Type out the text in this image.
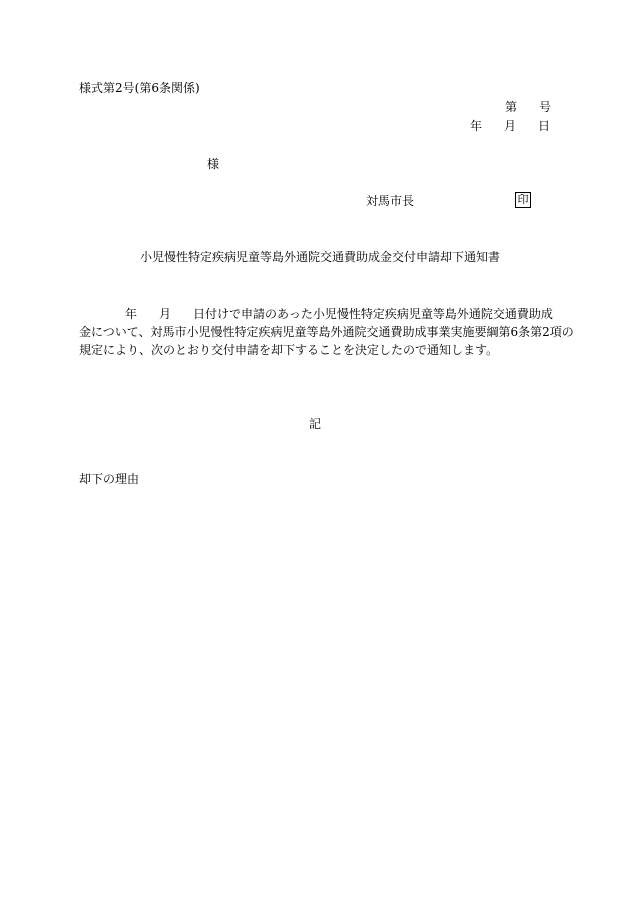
様式第2号(第6条関係)
第 号
年 月 日
様
対馬市長	印
小児慢性特定疾病児童等島外通院交通費助成金交付申請却下通知書
年 月 日付けで申請のあった小児慢性特定疾病児童等島外通院交通費助成
金について、対馬市小児慢性特定疾病児童等島外通院交通費助成事業実施要綱第6条第2項の
規定により、次のとおり交付申請を却下することを決定したので通知します。
記
却下の理由
